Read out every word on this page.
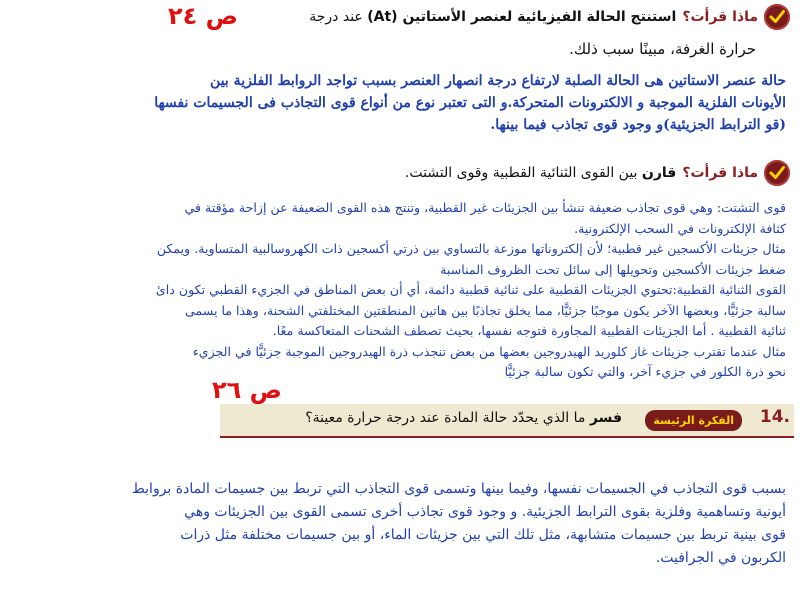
ماذا قرأت؟
استنتج الحالة الفيزيائية لعنصر الأستاتين (At) عند درجة
ص ٢٤
حرارة الغرفة، مبينًا سبب ذلك.
حالة عنصر الاستاتين هى الحالة الصلبة لارتفاع درجة انصهار العنصر بسبب تواجد الروابط الفلزية بين
الأيونات الفلزية الموجبة و الالكترونات المتحركة.و التى تعتبر نوع من أنواع قوى التجاذب فى الجسيمات نفسها
(قو الترابط الجزيئية)و وجود قوى تجاذب فيما بينها.
ماذا قرأت؟
قارن بين القوى الثنائية القطبية وقوى التشتت.
قوى التشتت: وهي قوى تجاذب ضعيفة تنشأ بين الجزيئات غير القطبية، وتنتج هذه القوى الضعيفة عن إزاحة مؤقتة في
كثافة الإلكترونات في السحب الإلكترونية.
مثال جزيئات الأكسجين غير قطبية؛ لأن إلكتروناتها موزعة بالتساوي بين ذرتي أكسجين ذات الكهروسالبية المتساوية. ويمكن
ضغط جزيئات الأكسجين وتحويلها إلى سائل تحت الظروف المناسبة
القوى الثنائية القطبية:تحتوي الجزيئات القطبية على ثنائية قطبية دائمة، أي أن بعض المناطق في الجزيء القطبي تكون دائ
سالبة جزئيًّا، وبعضها الآخر يكون موجبًا جزئيًّا، مما يخلق تجاذبًا بين هاتين المنطقتين المختلفتي الشحنة، وهذا ما يسمى
ثنائية القطبية . أما الجزيئات القطبية المجاورة فتوجه نفسها، بحيث تصطف الشحنات المتعاكسة معًا.
مثال عندما تقترب جزيئات غاز كلوريد الهيدروجين بعضها من بعض تنجذب ذرة الهيدروجين الموجبة جزئيًّا في الجزيء
نحو ذرة الكلور في جزيء آخر، والتي تكون سالبة جزئيًّا
ص ٢٦
.14
الفكرة الرئيسة
فسر ما الذي يحدّد حالة المادة عند درجة حرارة معينة؟
بسبب قوى التجاذب في الجسيمات نفسها، وفيما بينها وتسمى قوى التجاذب التي تربط بين جسيمات المادة بروابط
أيونية وتساهمية وفلزية بقوى الترابط الجزيئية. و وجود قوى تجاذب أخرى تسمى القوى بين الجزيئات وهي
قوى بينية تربط بين جسيمات متشابهة، مثل تلك التي بين جزيئات الماء، أو بين جسيمات مختلفة مثل ذرات
الكربون في الجرافيت.
